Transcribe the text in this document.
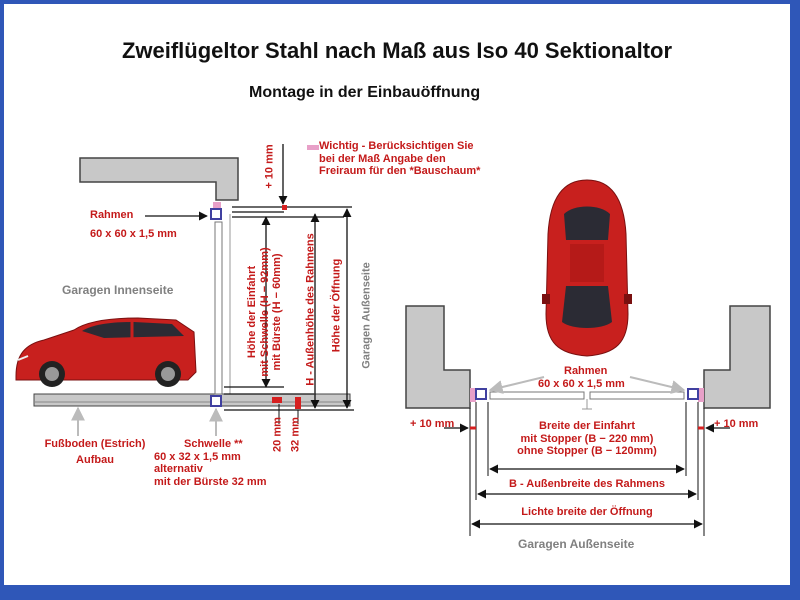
Zweiflügeltor Stahl nach Maß aus Iso 40 Sektionaltor
Montage in der Einbauöffnung
Wichtig - Berücksichtigen Sie
bei der Maß Angabe den
Freiraum für den *Bauschaum*
Rahmen
60 x 60 x 1,5 mm
Garagen Innenseite
+ 10 mm
Höhe der Einfahrt mit Schwelle (H − 92mm) mit Bürste (H − 60mm) H - Außenhöhe des Rahmens Höhe der Öffnung Garagen Außenseite
20 mm 32 mm
Fußboden (Estrich)
Aufbau
Schwelle **
60 x 32 x 1,5 mm
alternativ
mit der Bürste 32 mm
Rahmen
60 x 60 x 1,5 mm
+ 10 mm	+ 10 mm
Breite der Einfahrt
mit Stopper (B − 220 mm)
ohne Stopper (B − 120mm)
B - Außenbreite des Rahmens
Lichte breite der Öffnung
Garagen Außenseite
